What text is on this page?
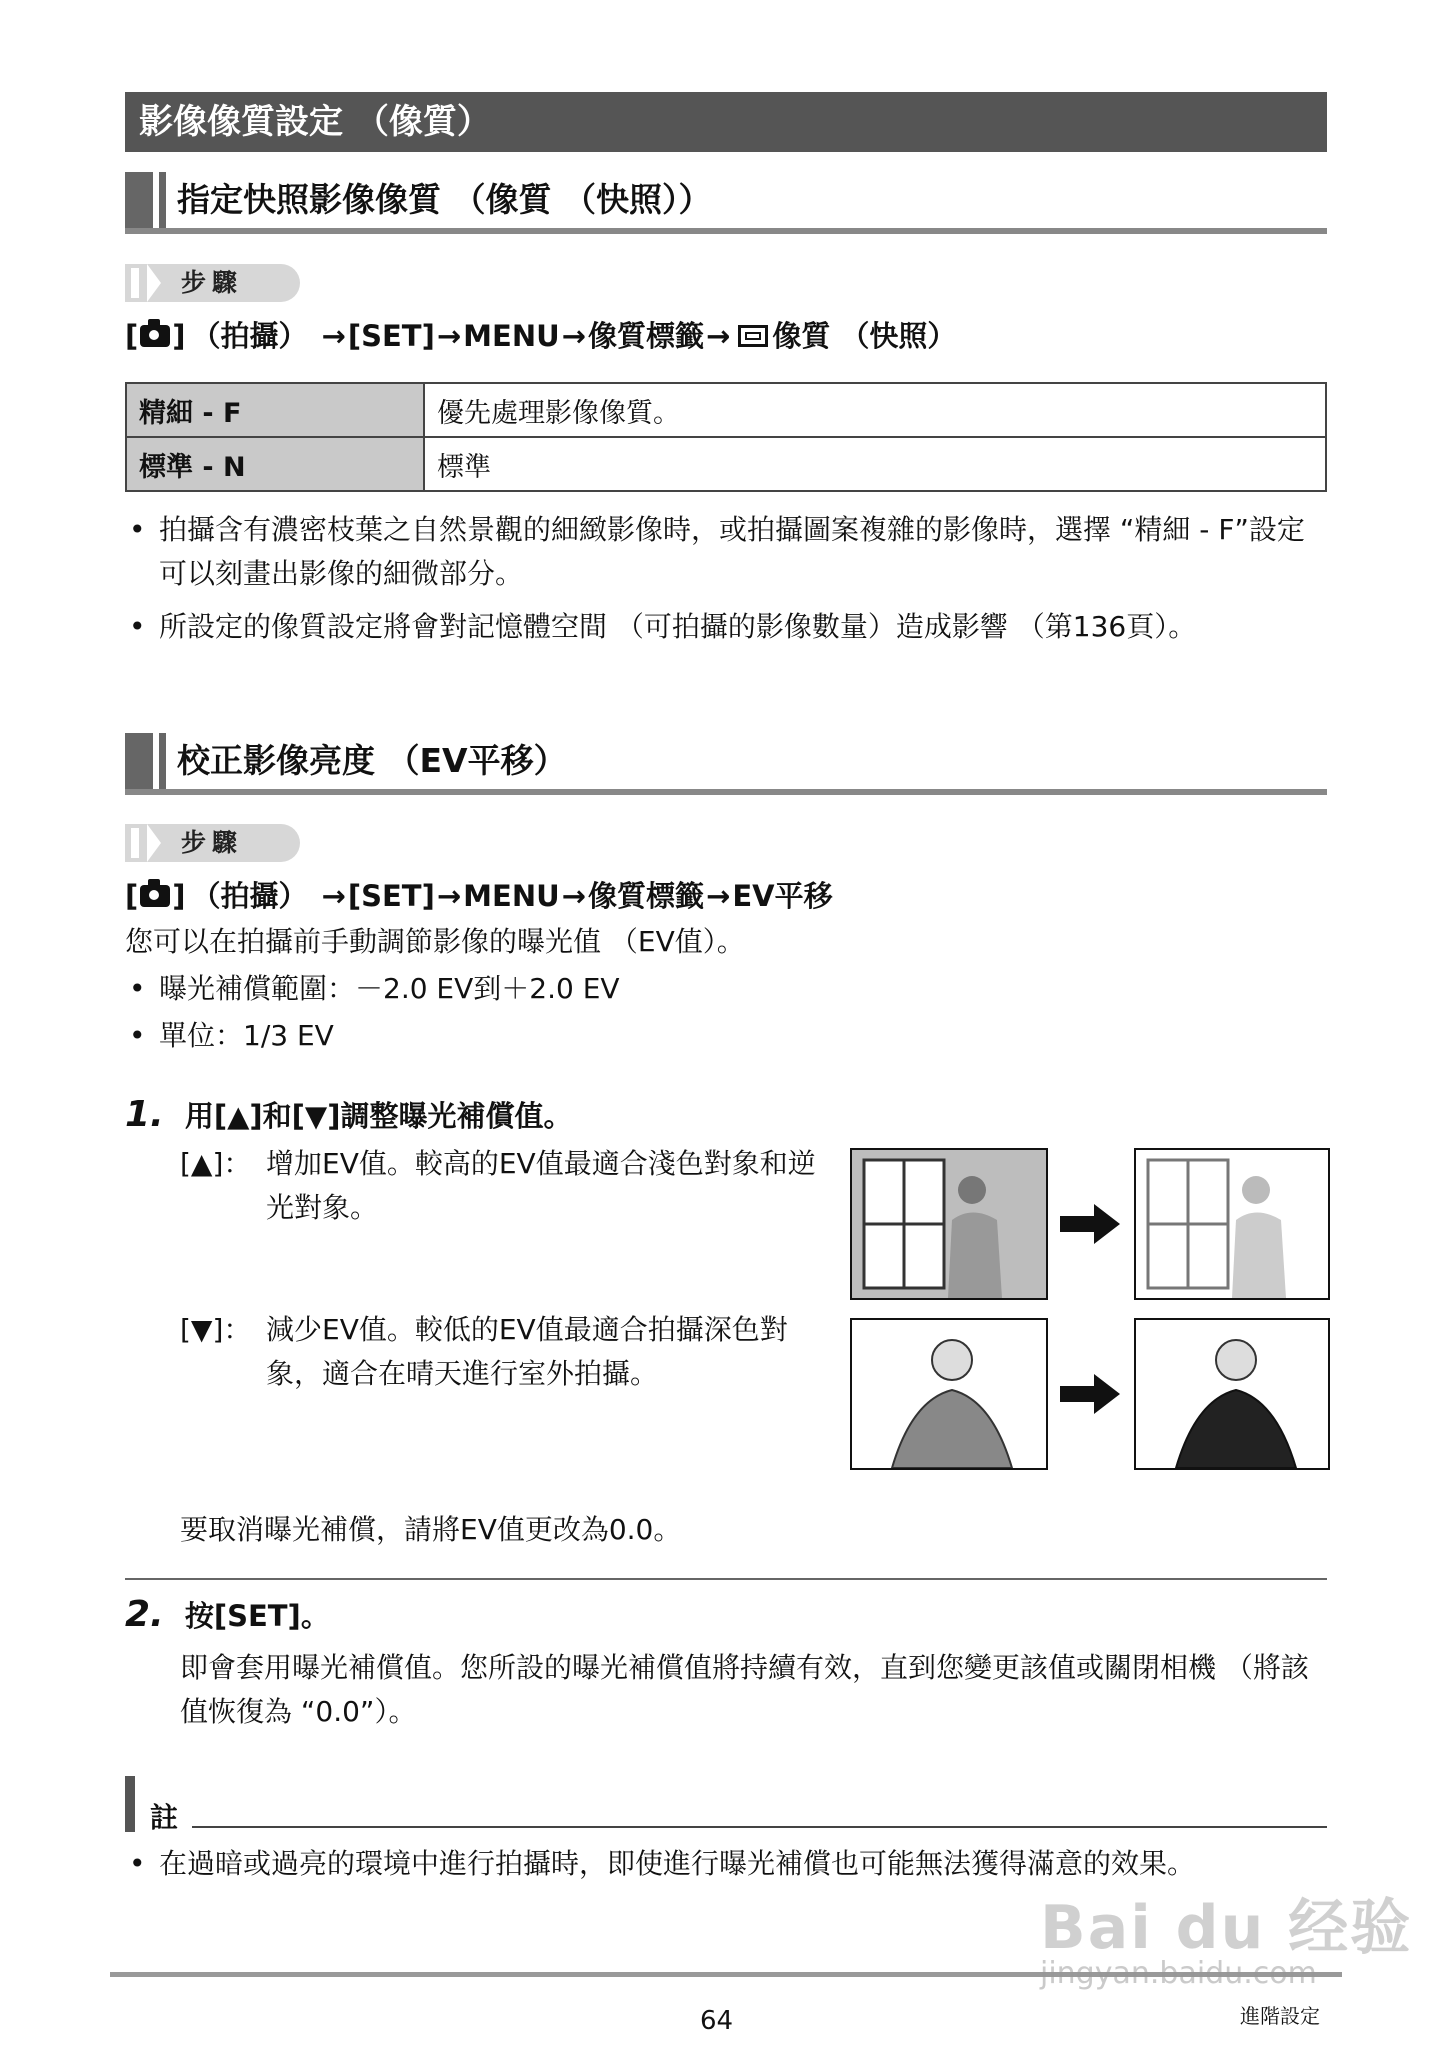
影像像質設定 （像質）
指定快照影像像質 （像質 （快照））
步驟
[ ] （拍攝） → [SET] → MENU → 像質標籤 → 像質 （快照）
精細 - F	優先處理影像像質。
標準 - N	標準
• 拍攝含有濃密枝葉之自然景觀的細緻影像時，或拍攝圖案複雜的影像時，選擇 “精細 - F”設定可以刻畫出影像的細微部分。
• 所設定的像質設定將會對記憶體空間 （可拍攝的影像數量）造成影響 （第136頁）。
校正影像亮度 （EV平移）
步驟
[ ] （拍攝） → [SET] → MENU → 像質標籤 → EV平移
您可以在拍攝前手動調節影像的曝光值 （EV值）。
• 曝光補償範圍：－2.0 EV到＋2.0 EV
• 單位：1/3 EV
1. 用[▲]和[▼]調整曝光補償值。
[▲]： 增加EV值。較高的EV值最適合淺色對象和逆光對象。
[▼]： 減少EV值。較低的EV值最適合拍攝深色對象，適合在晴天進行室外拍攝。
要取消曝光補償，請將EV值更改為0.0。
2. 按[SET]。
即會套用曝光補償值。您所設的曝光補償值將持續有效，直到您變更該值或關閉相機 （將該值恢復為 “0.0”）。
註
• 在過暗或過亮的環境中進行拍攝時，即使進行曝光補償也可能無法獲得滿意的效果。
64	進階設定
Bai du 经验
jingyan.baidu.com
